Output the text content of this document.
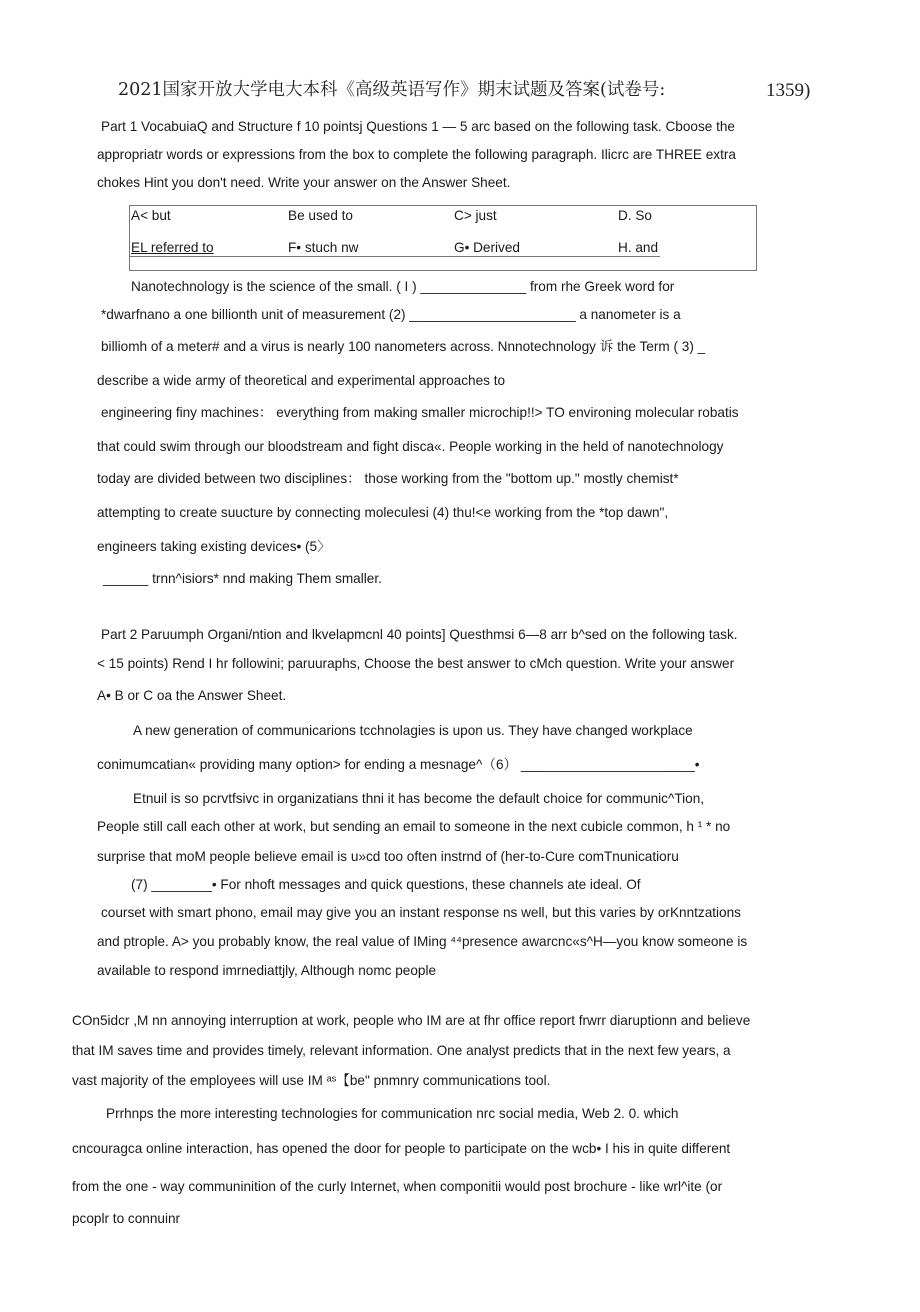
2021国家开放大学电大本科《高级英语写作》期末试题及答案(试卷号:	1359)
Part 1 VocabuiaQ and Structure f 10 pointsj Questions 1 — 5 arc based on the following task. Cboose the
appropriatr words or expressions from the box to complete the following paragraph. Ilicrc are THREE extra
chokes Hint you don't need. Write your answer on the Answer Sheet.
A< but	Be used to	C> just	D. So
EL referred to	F• stuch nw	G• Derived	H. and
Nanotechnology is the science of the small. ( I ) ______________ from rhe Greek word for
*dwarfnano a one billionth unit of measurement (2) ______________________ a nanometer is a
billiomh of a meter# and a virus is nearly 100 nanometers across. Nnnotechnology 诉 the Term ( 3) _
describe a wide army of theoretical and experimental approaches to
engineering finy machines： everything from making smaller microchip!!> TO environing molecular robatis
that could swim through our bloodstream and fight disca«. People working in the held of nanotechnology
today are divided between two disciplines： those working from the "bottom up." mostly chemist*
attempting to create suucture by connecting moleculesi (4) thu!<e working from the *top dawn",
engineers taking existing devices• (5〉
______ trnn^isiors* nnd making Them smaller.
Part 2 Paruumph Organi/ntion and lkvelapmcnl 40 points] Questhmsi 6—8 arr b^sed on the following task.
< 15 points) Rend I hr followini; paruuraphs, Choose the best answer to cMch question. Write your answer
A• B or C oa the Answer Sheet.
A new generation of communicarions tcchnolagies is upon us. They have changed workplace
conimumcatian« providing many option> for ending a mesnage^（6） _______________________•
Etnuil is so pcrvtfsivc in organizatians thni it has become the default choice for communic^Tion,
People still call each other at work, but sending an email to someone in the next cubicle common, h ¹ * no
surprise that moM people believe email is u»cd too often instrnd of (her-to-Cure comTnunicatioru
(7) ________• For nhoft messages and quick questions, these channels ate ideal. Of
courset with smart phono, email may give you an instant response ns well, but this varies by orKnntzations
and ptrople. A> you probably know, the real value of IMing ⁴⁴presence awarcnc«s^H—you know someone is
available to respond imrnediattjly, Although nomc people
COn5idcr ,M nn annoying interruption at work, people who IM are at fhr office report frwrr diaruptionn and believe
that IM saves time and provides timely, relevant information. One analyst predicts that in the next few years, a
vast majority of the employees will use IM ᵃˢ【be" pnmnry communications tool.
Prrhnps the more interesting technologies for communication nrc social media, Web 2. 0. which
cncouragca online interaction, has opened the door for people to participate on the wcb• I his in quite different
from the one - way communinition of the curly Internet, when componitii would post brochure - like wrl^ite (or
pcoplr to connuinr
